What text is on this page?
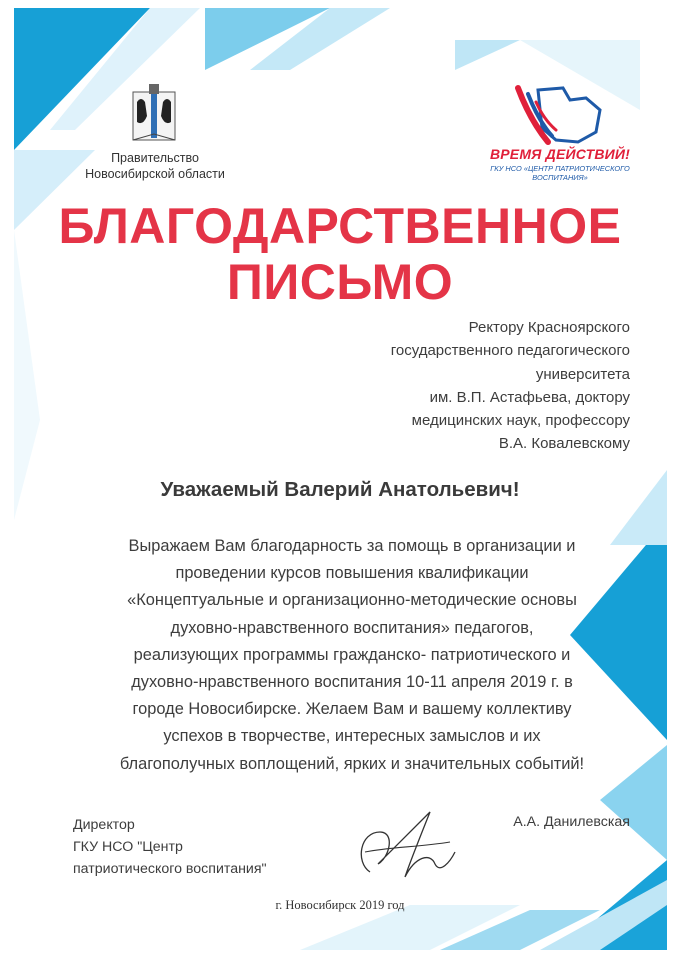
Правительство
Новосибирской области
ВРЕМЯ ДЕЙСТВИЙ!
ГКУ НСО «ЦЕНТР ПАТРИОТИЧЕСКОГО
ВОСПИТАНИЯ»
БЛАГОДАРСТВЕННОЕ
ПИСЬМО
Ректору Красноярского
государственного педагогического
университета
им. В.П. Астафьева, доктору
медицинских наук, профессору
В.А. Ковалевскому
Уважаемый Валерий Анатольевич!
Выражаем Вам благодарность за помощь в организации и
проведении курсов повышения квалификации
«Концептуальные и организационно-методические основы
духовно-нравственного воспитания» педагогов,
реализующих программы гражданско- патриотического и
духовно-нравственного воспитания 10-11 апреля 2019 г. в
городе Новосибирске. Желаем Вам и вашему коллективу
успехов в творчестве, интересных замыслов и их
благополучных воплощений, ярких и значительных событий!
Директор
ГКУ НСО "Центр
патриотического воспитания"
А.А. Данилевская
г. Новосибирск 2019 год
